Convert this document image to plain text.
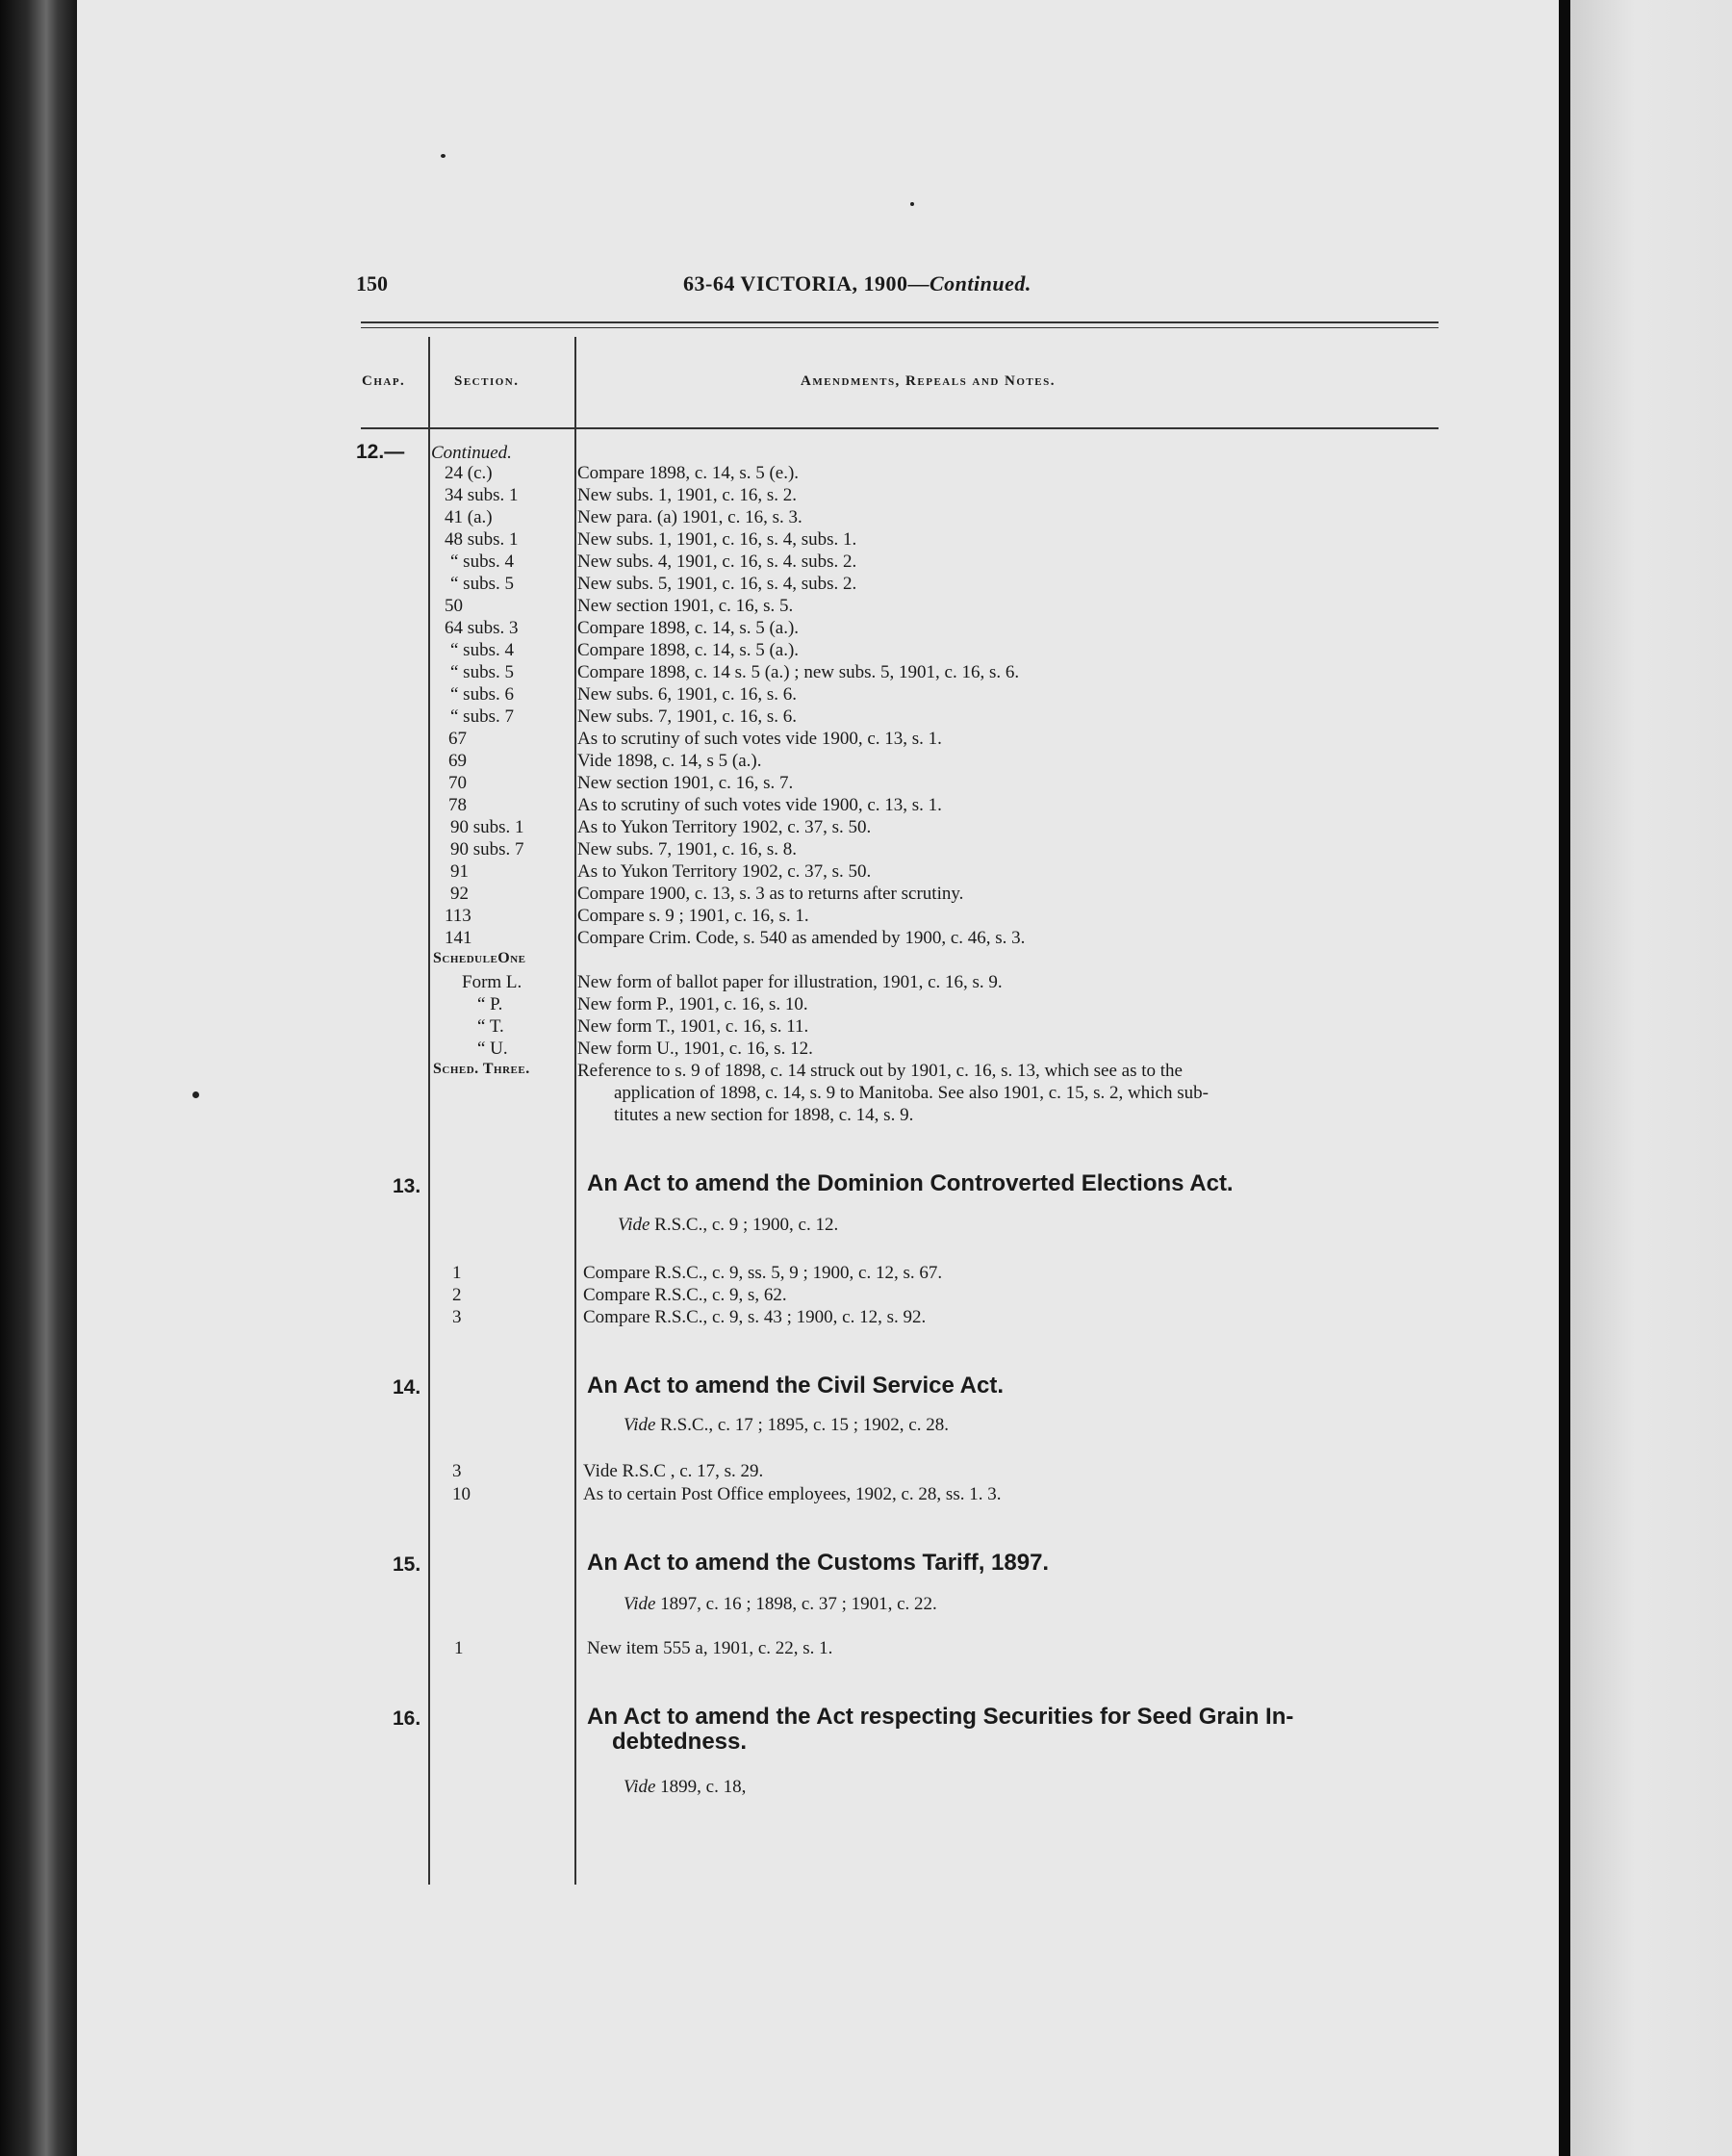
150	63-64 VICTORIA, 1900—Continued.
Chap.	Section.	Amendments, Repeals and Notes.
12.— Continued.
24 (c.)	Compare 1898, c. 14, s. 5 (e.).
34 subs. 1	New subs. 1, 1901, c. 16, s. 2.
41 (a.)	New para. (a) 1901, c. 16, s. 3.
48 subs. 1	New subs. 1, 1901, c. 16, s. 4, subs. 1.
“ subs. 4	New subs. 4, 1901, c. 16, s. 4. subs. 2.
“ subs. 5	New subs. 5, 1901, c. 16, s. 4, subs. 2.
50	New section 1901, c. 16, s. 5.
64 subs. 3	Compare 1898, c. 14, s. 5 (a.).
“ subs. 4	Compare 1898, c. 14, s. 5 (a.).
“ subs. 5	Compare 1898, c. 14 s. 5 (a.) ; new subs. 5, 1901, c. 16, s. 6.
“ subs. 6	New subs. 6, 1901, c. 16, s. 6.
“ subs. 7	New subs. 7, 1901, c. 16, s. 6.
67	As to scrutiny of such votes vide 1900, c. 13, s. 1.
69	Vide 1898, c. 14, s 5 (a.).
70	New section 1901, c. 16, s. 7.
78	As to scrutiny of such votes vide 1900, c. 13, s. 1.
90 subs. 1	As to Yukon Territory 1902, c. 37, s. 50.
90 subs. 7	New subs. 7, 1901, c. 16, s. 8.
91	As to Yukon Territory 1902, c. 37, s. 50.
92	Compare 1900, c. 13, s. 3 as to returns after scrutiny.
113	Compare s. 9 ; 1901, c. 16, s. 1.
141	Compare Crim. Code, s. 540 as amended by 1900, c. 46, s. 3.
ScheduleOne
Form L.	New form of ballot paper for illustration, 1901, c. 16, s. 9.
“ P.	New form P., 1901, c. 16, s. 10.
“ T.	New form T., 1901, c. 16, s. 11.
“ U.	New form U., 1901, c. 16, s. 12.
Sched. Three.	Reference to s. 9 of 1898, c. 14 struck out by 1901, c. 16, s. 13, which see as to the
application of 1898, c. 14, s. 9 to Manitoba. See also 1901, c. 15, s. 2, which sub-
titutes a new section for 1898, c. 14, s. 9.
13.	An Act to amend the Dominion Controverted Elections Act.
Vide R.S.C., c. 9 ; 1900, c. 12.
1	Compare R.S.C., c. 9, ss. 5, 9 ; 1900, c. 12, s. 67.
2	Compare R.S.C., c. 9, s, 62.
3	Compare R.S.C., c. 9, s. 43 ; 1900, c. 12, s. 92.
14.	An Act to amend the Civil Service Act.
Vide R.S.C., c. 17 ; 1895, c. 15 ; 1902, c. 28.
3	Vide R.S.C , c. 17, s. 29.
10	As to certain Post Office employees, 1902, c. 28, ss. 1. 3.
15.	An Act to amend the Customs Tariff, 1897.
Vide 1897, c. 16 ; 1898, c. 37 ; 1901, c. 22.
1	New item 555 a, 1901, c. 22, s. 1.
16.	An Act to amend the Act respecting Securities for Seed Grain In-
debtedness.
Vide 1899, c. 18,
